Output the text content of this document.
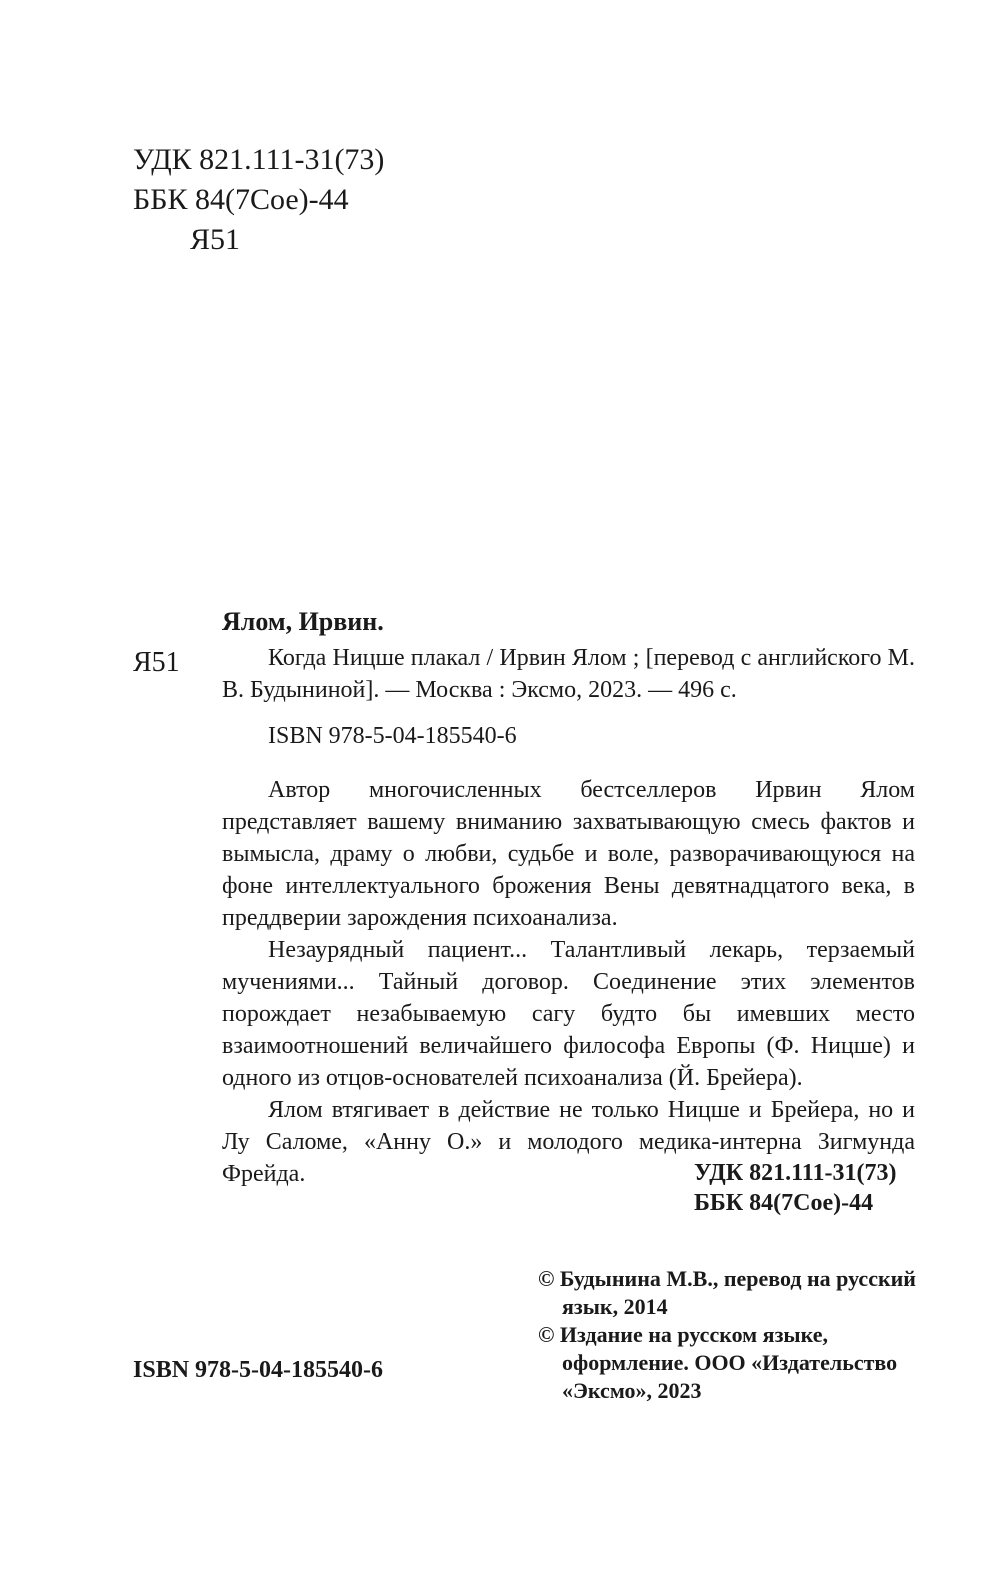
УДК 821.111-31(73)
ББК 84(7Сое)-44
Я51
Я51

Ялом, Ирвин.

Когда Ницше плакал / Ирвин Ялом ; [перевод с английского М. В. Будыниной]. — Москва : Эксмо, 2023. — 496 с.

ISBN 978-5-04-185540-6

Автор многочисленных бестселлеров Ирвин Ялом представляет вашему вниманию захватывающую смесь фактов и вымысла, драму о любви, судьбе и воле, разворачивающуюся на фоне интеллектуального брожения Вены девятнадцатого века, в преддверии зарождения психоанализа.

Незаурядный пациент... Талантливый лекарь, терзаемый мучениями... Тайный договор. Соединение этих элементов порождает незабываемую сагу будто бы имевших место взаимоотношений величайшего философа Европы (Ф. Ницше) и одного из отцов-основателей психоанализа (Й. Брейера).

Ялом втягивает в действие не только Ницше и Брейера, но и Лу Саломе, «Анну О.» и молодого медика-интерна Зигмунда Фрейда.	УДК 821.111-31(73)
ББК 84(7Сое)-44
ISBN 978-5-04-185540-6
© Будынина М.В., перевод на русский язык, 2014
© Издание на русском языке, оформление. ООО «Издательство «Эксмо», 2023
